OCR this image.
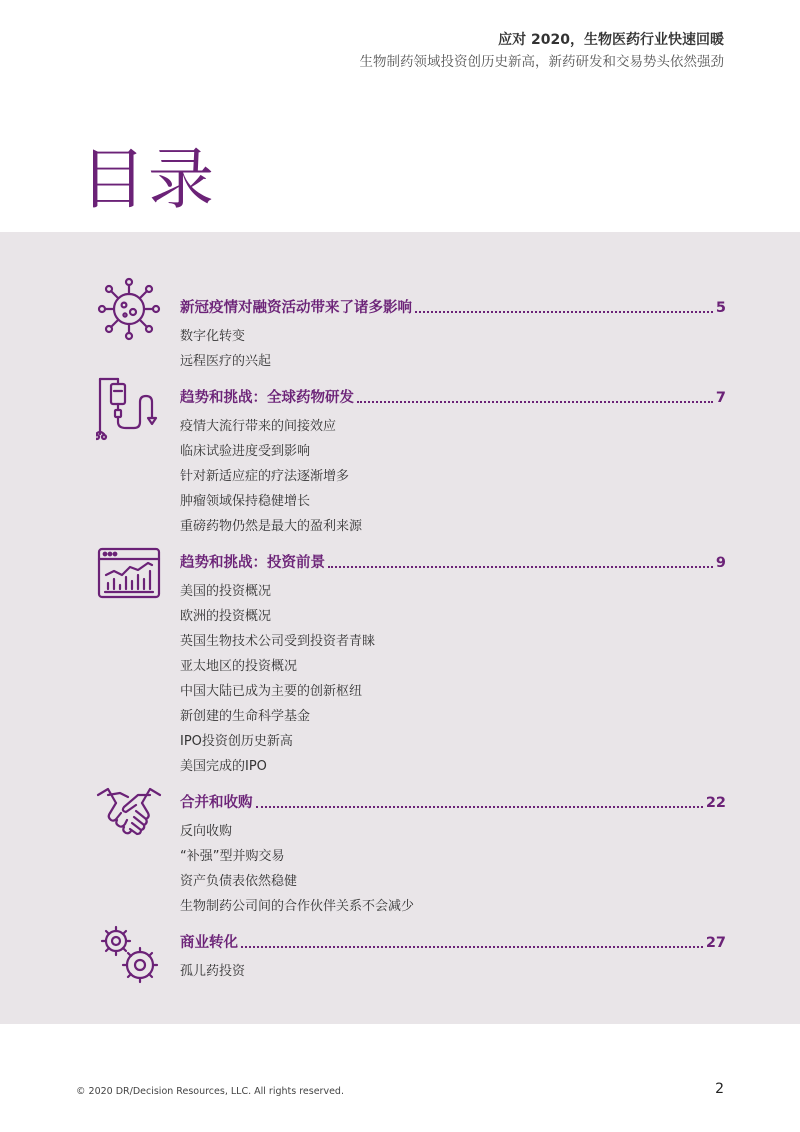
应对 2020，生物医药行业快速回暖
生物制药领域投资创历史新高，新药研发和交易势头依然强劲
目录
新冠疫情对融资活动带来了诸多影响	5
数字化转变
远程医疗的兴起
趋势和挑战：全球药物研发	7
疫情大流行带来的间接效应
临床试验进度受到影响
针对新适应症的疗法逐渐增多
肿瘤领域保持稳健增长
重磅药物仍然是最大的盈利来源
趋势和挑战：投资前景	9
美国的投资概况
欧洲的投资概况
英国生物技术公司受到投资者青睐
亚太地区的投资概况
中国大陆已成为主要的创新枢纽
新创建的生命科学基金
IPO投资创历史新高
美国完成的IPO
合并和收购	22
反向收购
“补强”型并购交易
资产负债表依然稳健
生物制药公司间的合作伙伴关系不会减少
商业转化	27
孤儿药投资
© 2020 DR/Decision Resources, LLC. All rights reserved.	2
